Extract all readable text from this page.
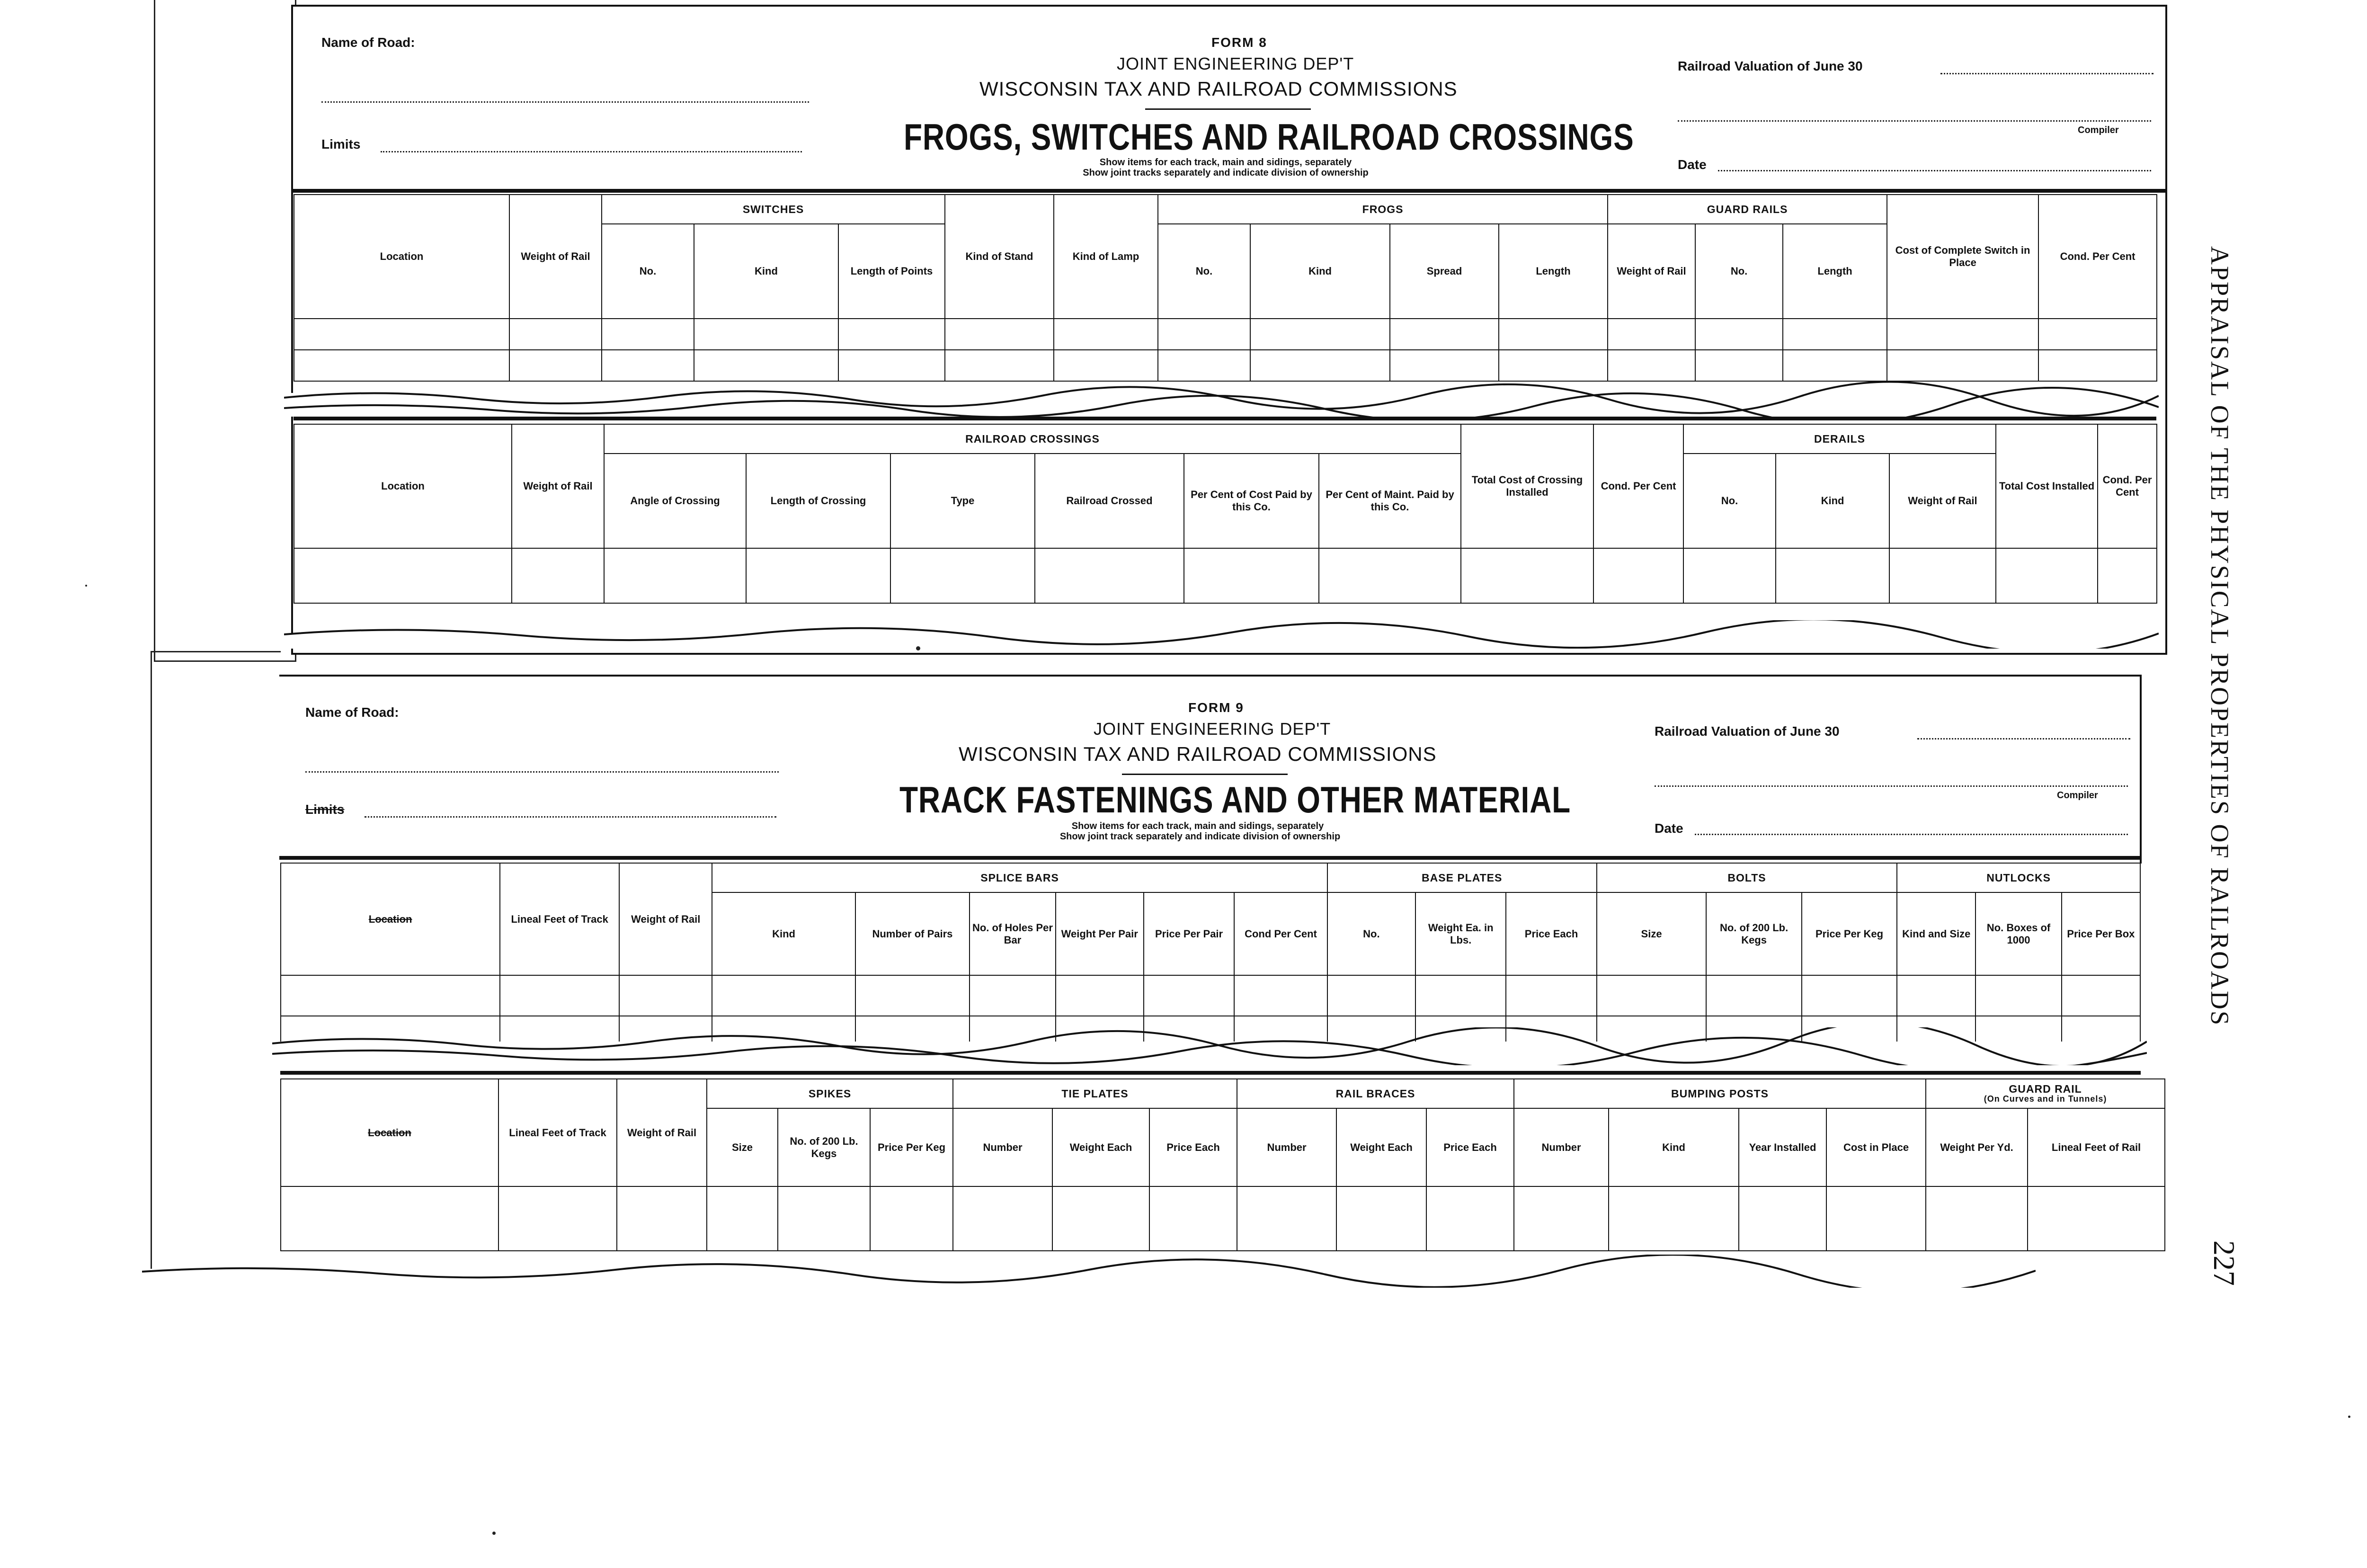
Name of Road:
Limits
FORM 8
JOINT ENGINEERING DEP'T
WISCONSIN TAX AND RAILROAD COMMISSIONS
FROGS, SWITCHES AND RAILROAD CROSSINGS
Show items for each track, main and sidings, separately
Show joint tracks separately and indicate division of ownership
Railroad Valuation of June 30
Compiler
Date
Location	Weight of Rail	SWITCHES			Kind of Stand	Kind of Lamp	FROGS				GUARD RAILS			Cost of Complete Switch in Place	Cond. Per Cent
		No.	Kind	Length of Points			No.	Kind	Spread	Length	Weight of Rail	No.	Length		

Location	Weight of Rail	RAILROAD CROSSINGS						Total Cost of Crossing Installed	Cond. Per Cent	DERAILS			Total Cost Installed	Cond. Per Cent
		Angle of Crossing	Length of Crossing	Type	Railroad Crossed	Per Cent of Cost Paid by this Co.	Per Cent of Maint. Paid by this Co.			No.	Kind	Weight of Rail		

Name of Road:
Limits
FORM 9
JOINT ENGINEERING DEP'T
WISCONSIN TAX AND RAILROAD COMMISSIONS
TRACK FASTENINGS AND OTHER MATERIAL
Show items for each track, main and sidings, separately
Show joint track separately and indicate division of ownership
Railroad Valuation of June 30
Compiler
Date
Location	Lineal Feet of Track	Weight of Rail	SPLICE BARS						BASE PLATES			BOLTS			NUTLOCKS		
			Kind	Number of Pairs	No. of Holes Per Bar	Weight Per Pair	Price Per Pair	Cond Per Cent	No.	Weight Ea. in Lbs.	Price Each	Size	No. of 200 Lb. Kegs	Price Per Keg	Kind and Size	No. Boxes of 1000	Price Per Box

Location	Lineal Feet of Track	Weight of Rail	SPIKES			TIE PLATES			RAIL BRACES			BUMPING POSTS				GUARD RAIL
(On Curves and in Tunnels)	

			Size	No. of 200 Lb. Kegs	Price Per Keg	Number	Weight Each	Price Each	Number	Weight Each	Price Each	Number	Kind	Year Installed	Cost in Place	Weight Per Yd.	Lineal Feet of Rail

APPRAISAL OF THE PHYSICAL PROPERTIES OF RAILROADS
227
